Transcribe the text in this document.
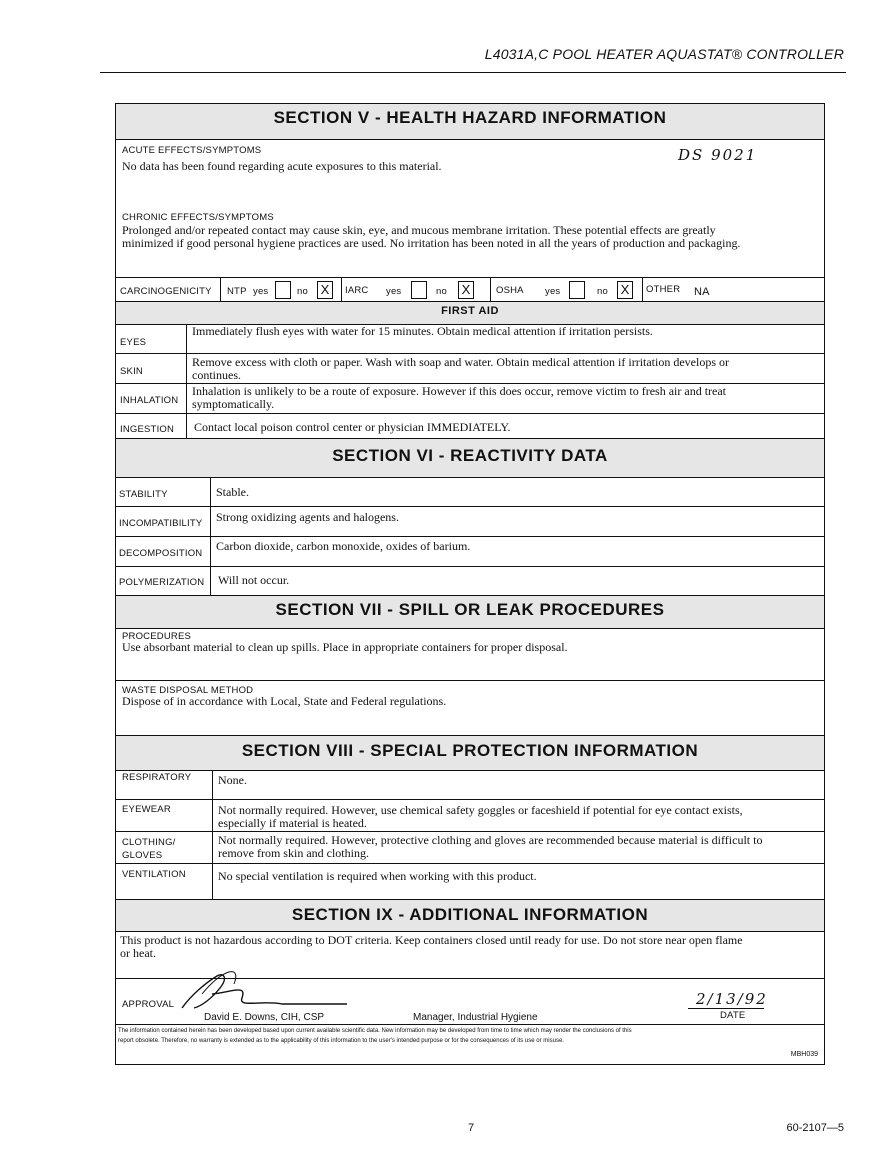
L4031A,C POOL HEATER AQUASTAT® CONTROLLER
SECTION V - HEALTH HAZARD INFORMATION
ACUTE EFFECTS/SYMPTOMS
No data has been found regarding acute exposures to this material.
DS 9021
CHRONIC EFFECTS/SYMPTOMS
Prolonged and/or repeated contact may cause skin, eye, and mucous membrane irritation. These potential effects are greatly
minimized if good personal hygiene practices are used. No irritation has been noted in all the years of production and packaging.
CARCINOGENICITY NTP yes	no X	IARC yes	no X	OSHA yes	no X	OTHER NA
FIRST AID
EYES
Immediately flush eyes with water for 15 minutes. Obtain medical attention if irritation persists.
SKIN
Remove excess with cloth or paper. Wash with soap and water. Obtain medical attention if irritation develops or
continues.
INHALATION
Inhalation is unlikely to be a route of exposure. However if this does occur, remove victim to fresh air and treat
symptomatically.
INGESTION Contact local poison control center or physician IMMEDIATELY.
SECTION VI - REACTIVITY DATA
STABILITY	Stable.
INCOMPATIBILITY Strong oxidizing agents and halogens.
DECOMPOSITION
Carbon dioxide, carbon monoxide, oxides of barium.
POLYMERIZATION Will not occur.
SECTION VII - SPILL OR LEAK PROCEDURES
PROCEDURES
Use absorbant material to clean up spills. Place in appropriate containers for proper disposal.
WASTE DISPOSAL METHOD
Dispose of in accordance with Local, State and Federal regulations.
SECTION VIII - SPECIAL PROTECTION INFORMATION
RESPIRATORY None.
EYEWEAR	Not normally required. However, use chemical safety goggles or faceshield if potential for eye contact exists,
especially if material is heated.
CLOTHING/
GLOVES
Not normally required. However, protective clothing and gloves are recommended because material is difficult to
remove from skin and clothing.
VENTILATION	No special ventilation is required when working with this product.
SECTION IX - ADDITIONAL INFORMATION
This product is not hazardous according to DOT criteria. Keep containers closed until ready for use. Do not store near open flame
or heat.
APPROVAL
David E. Downs, CIH, CSP	Manager, Industrial Hygiene
2/13/92
DATE
The information contained herein has been developed based upon current available scientific data. New information may be developed from time to time which may render the conclusions of this
report obsolete. Therefore, no warranty is extended as to the applicability of this information to the user's intended purpose or for the consequences of its use or misuse.
MBH039
7	60-2107—5
